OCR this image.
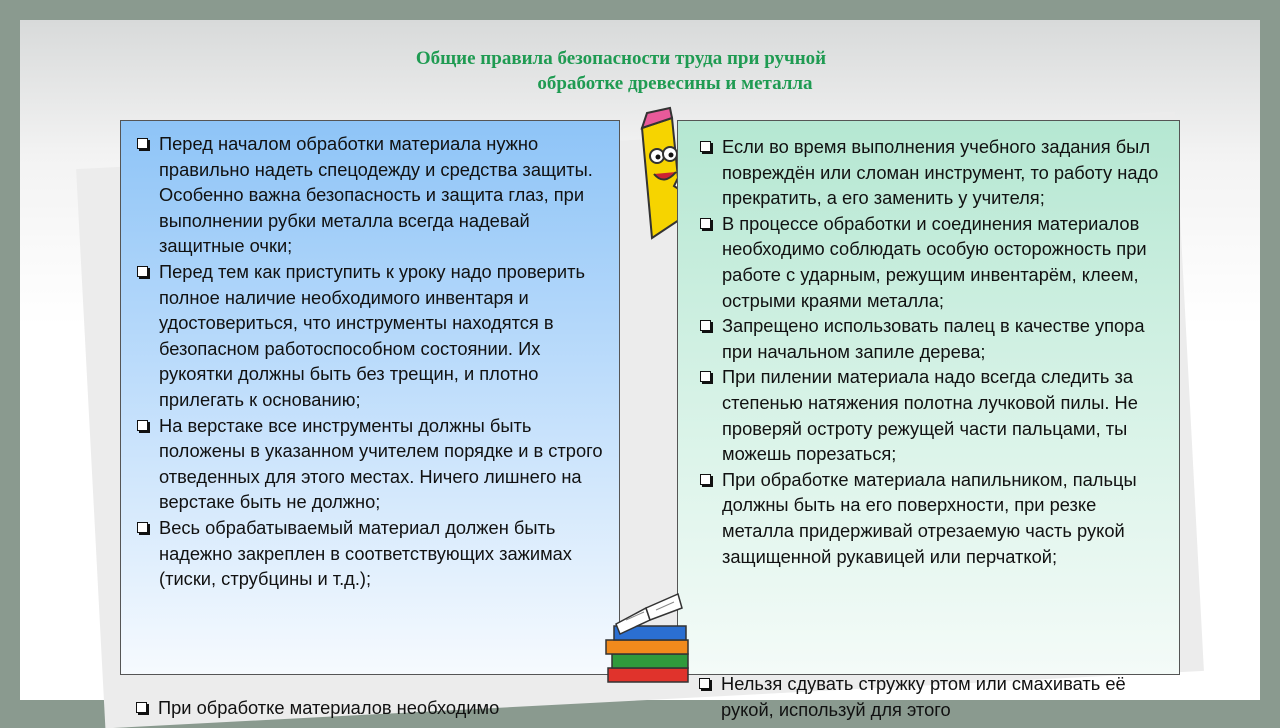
Общие правила безопасности труда при ручной
обработке древесины и металла
Перед началом обработки материала нужно правильно надеть спецодежду и средства защиты. Особенно важна безопасность и защита глаз, при выполнении рубки металла всегда надевай защитные очки;
Перед тем как приступить к уроку надо проверить полное наличие необходимого инвентаря и удостовериться, что инструменты находятся в безопасном работоспособном состоянии. Их рукоятки должны быть без трещин, и плотно прилегать к основанию;
На верстаке все инструменты должны быть положены в указанном учителем порядке и в строго отведенных для этого местах. Ничего лишнего на верстаке быть не должно;
Весь обрабатываемый материал должен быть надежно закреплен в соответствующих зажимах (тиски, струбцины и т.д.);
При обработке материалов необходимо
Если во время выполнения учебного задания был повреждён или сломан инструмент, то работу надо прекратить, а его заменить у учителя;
В процессе обработки и соединения материалов необходимо соблюдать особую осторожность при работе с ударным, режущим инвентарём, клеем, острыми краями металла;
Запрещено использовать палец в качестве упора при начальном запиле дерева;
При пилении материала надо всегда следить за степенью натяжения полотна лучковой пилы. Не проверяй остроту режущей части пальцами, ты можешь порезаться;
При обработке материала напильником, пальцы должны быть на его поверхности, при резке металла придерживай отрезаемую часть рукой защищенной рукавицей или перчаткой;
Нельзя сдувать стружку ртом или смахивать её рукой, используй для этого
